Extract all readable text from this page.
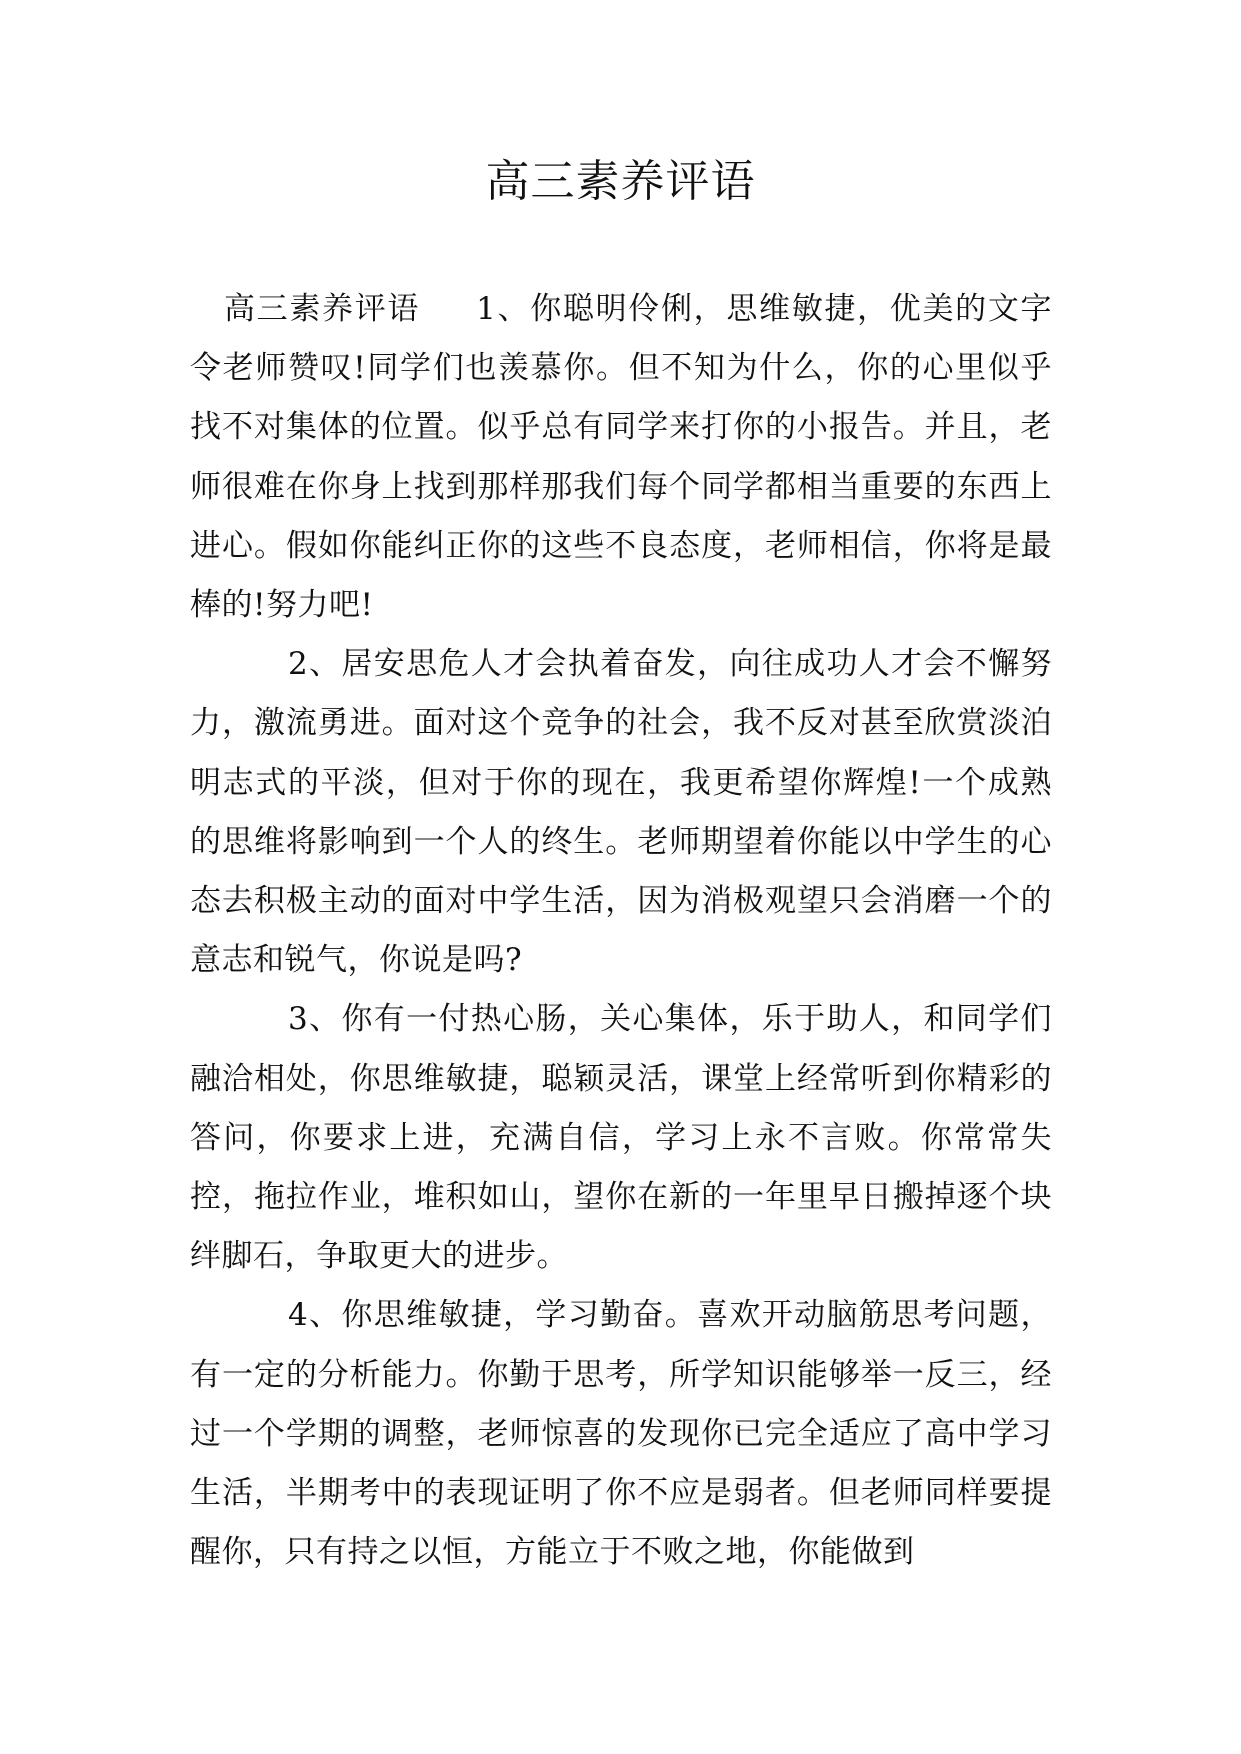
高三素养评语

高三素养评语 1、你聪明伶俐，思维敏捷，优美的文字令老师赞叹!同学们也羡慕你。但不知为什么，你的心里似乎找不对集体的位置。似乎总有同学来打你的小报告。并且，老师很难在你身上找到那样那我们每个同学都相当重要的东西上进心。假如你能纠正你的这些不良态度，老师相信，你将是最棒的!努力吧!

2、居安思危人才会执着奋发，向往成功人才会不懈努力，激流勇进。面对这个竞争的社会，我不反对甚至欣赏淡泊明志式的平淡，但对于你的现在，我更希望你辉煌!一个成熟的思维将影响到一个人的终生。老师期望着你能以中学生的心态去积极主动的面对中学生活，因为消极观望只会消磨一个的意志和锐气，你说是吗?

3、你有一付热心肠，关心集体，乐于助人，和同学们融洽相处，你思维敏捷，聪颖灵活，课堂上经常听到你精彩的答问，你要求上进，充满自信，学习上永不言败。你常常失控，拖拉作业，堆积如山，望你在新的一年里早日搬掉逐个块绊脚石，争取更大的进步。

4、你思维敏捷，学习勤奋。喜欢开动脑筋思考问题，有一定的分析能力。你勤于思考，所学知识能够举一反三，经过一个学期的调整，老师惊喜的发现你已完全适应了高中学习生活，半期考中的表现证明了你不应是弱者。但老师同样要提醒你，只有持之以恒，方能立于不败之地，你能做到
